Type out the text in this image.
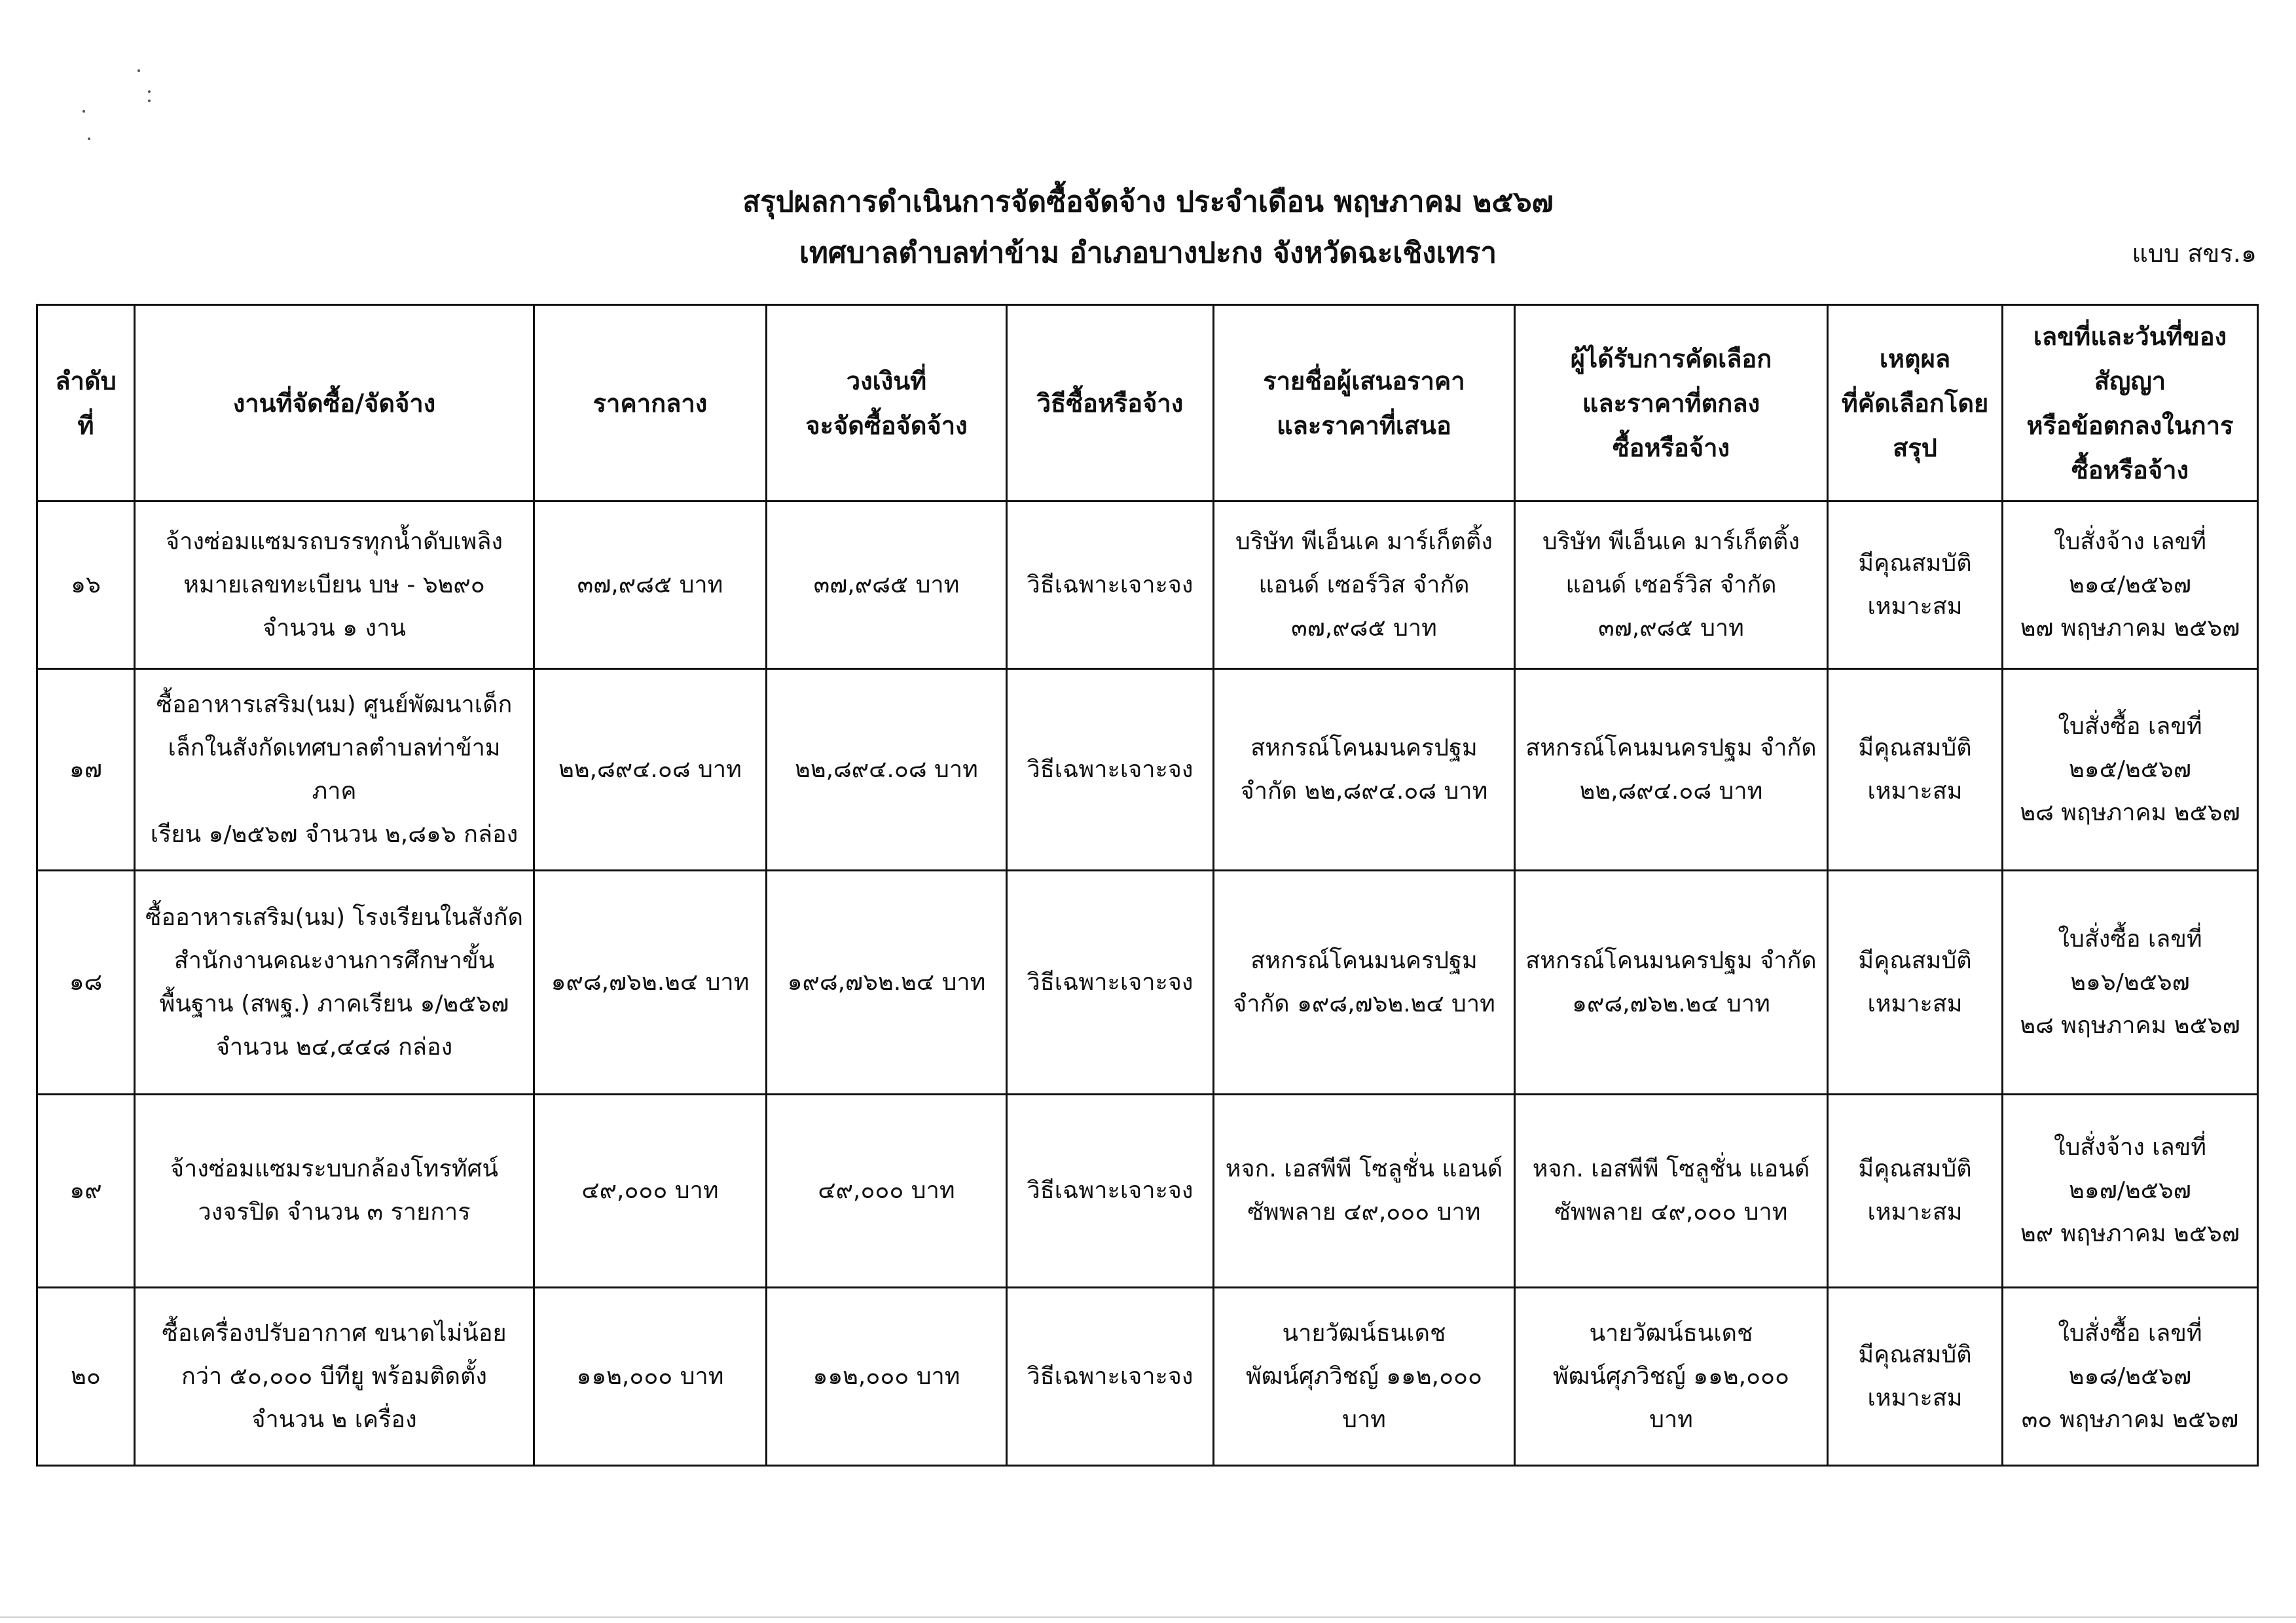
สรุปผลการดำเนินการจัดซื้อจัดจ้าง ประจำเดือน พฤษภาคม ๒๕๖๗
เทศบาลตำบลท่าข้าม อำเภอบางปะกง จังหวัดฉะเชิงเทรา	แบบ สขร.๑
ลำดับที่	งานที่จัดซื้อ/จัดจ้าง	ราคากลาง	วงเงินที่
จะจัดซื้อจัดจ้าง	วิธีซื้อหรือจ้าง	รายชื่อผู้เสนอราคา
และราคาที่เสนอ	ผู้ได้รับการคัดเลือก
และราคาที่ตกลง
ซื้อหรือจ้าง	เหตุผล
ที่คัดเลือกโดย
สรุป	เลขที่และวันที่ของ
สัญญา
หรือข้อตกลงในการ
ซื้อหรือจ้าง

๑๖	จ้างซ่อมแซมรถบรรทุกน้ำดับเพลิง
หมายเลขทะเบียน บษ - ๖๒๙๐
จำนวน ๑ งาน	๓๗,๙๘๕ บาท	๓๗,๙๘๕ บาท	วิธีเฉพาะเจาะจง	บริษัท พีเอ็นเค มาร์เก็ตติ้ง
แอนด์ เซอร์วิส จำกัด
๓๗,๙๘๕ บาท	บริษัท พีเอ็นเค มาร์เก็ตติ้ง
แอนด์ เซอร์วิส จำกัด
๓๗,๙๘๕ บาท	มีคุณสมบัติ
เหมาะสม	ใบสั่งจ้าง เลขที่
๒๑๔/๒๕๖๗
๒๗ พฤษภาคม ๒๕๖๗

๑๗	ซื้ออาหารเสริม(นม) ศูนย์พัฒนาเด็ก
เล็กในสังกัดเทศบาลตำบลท่าข้าม ภาค
เรียน ๑/๒๕๖๗ จำนวน ๒,๘๑๖ กล่อง	๒๒,๘๙๔.๐๘ บาท	๒๒,๘๙๔.๐๘ บาท	วิธีเฉพาะเจาะจง	สหกรณ์โคนมนครปฐม
จำกัด ๒๒,๘๙๔.๐๘ บาท	สหกรณ์โคนมนครปฐม จำกัด
๒๒,๘๙๔.๐๘ บาท	มีคุณสมบัติ
เหมาะสม	ใบสั่งซื้อ เลขที่
๒๑๕/๒๕๖๗
๒๘ พฤษภาคม ๒๕๖๗

๑๘	ซื้ออาหารเสริม(นม) โรงเรียนในสังกัด
สำนักงานคณะงานการศึกษาขั้น
พื้นฐาน (สพฐ.) ภาคเรียน ๑/๒๕๖๗
จำนวน ๒๔,๔๔๘ กล่อง	๑๙๘,๗๖๒.๒๔ บาท	๑๙๘,๗๖๒.๒๔ บาท	วิธีเฉพาะเจาะจง	สหกรณ์โคนมนครปฐม
จำกัด ๑๙๘,๗๖๒.๒๔ บาท	สหกรณ์โคนมนครปฐม จำกัด
๑๙๘,๗๖๒.๒๔ บาท	มีคุณสมบัติ
เหมาะสม	ใบสั่งซื้อ เลขที่
๒๑๖/๒๕๖๗
๒๘ พฤษภาคม ๒๕๖๗

๑๙	จ้างซ่อมแซมระบบกล้องโทรทัศน์
วงจรปิด จำนวน ๓ รายการ	๔๙,๐๐๐ บาท	๔๙,๐๐๐ บาท	วิธีเฉพาะเจาะจง	หจก. เอสพีพี โซลูชั่น แอนด์
ซัพพลาย ๔๙,๐๐๐ บาท	หจก. เอสพีพี โซลูชั่น แอนด์
ซัพพลาย ๔๙,๐๐๐ บาท	มีคุณสมบัติ
เหมาะสม	ใบสั่งจ้าง เลขที่
๒๑๗/๒๕๖๗
๒๙ พฤษภาคม ๒๕๖๗

๒๐	ซื้อเครื่องปรับอากาศ ขนาดไม่น้อย
กว่า ๕๐,๐๐๐ บีทียู พร้อมติดตั้ง
จำนวน ๒ เครื่อง	๑๑๒,๐๐๐ บาท	๑๑๒,๐๐๐ บาท	วิธีเฉพาะเจาะจง	นายวัฒน์ธนเดช
พัฒน์ศุภวิชญ์ ๑๑๒,๐๐๐
บาท	นายวัฒน์ธนเดช
พัฒน์ศุภวิชญ์ ๑๑๒,๐๐๐
บาท	มีคุณสมบัติ
เหมาะสม	ใบสั่งซื้อ เลขที่
๒๑๘/๒๕๖๗
๓๐ พฤษภาคม ๒๕๖๗
